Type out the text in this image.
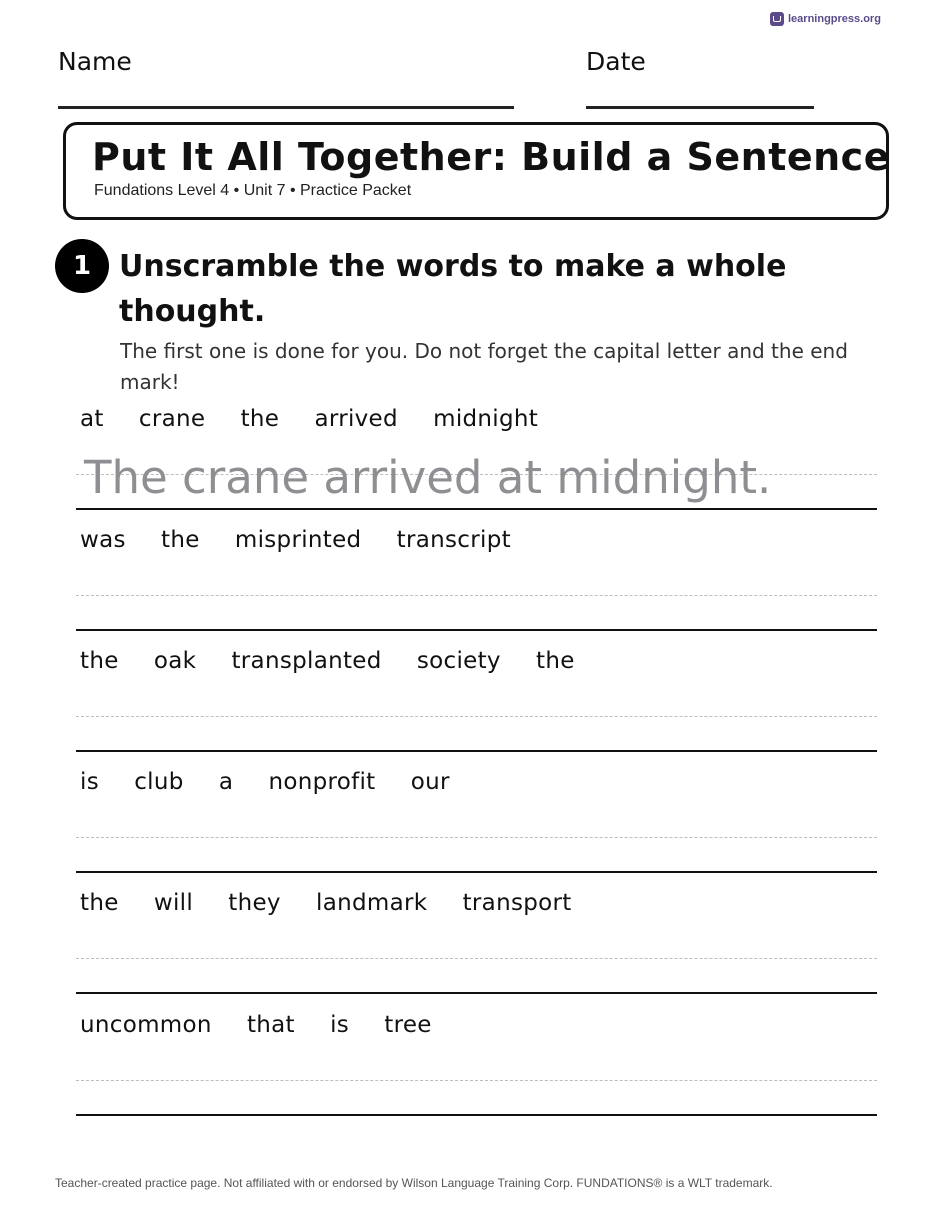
learningpress.org
Name	Date
Put It All Together: Build a Sentence
Fundations Level 4 • Unit 7 • Practice Packet
1 Unscramble the words to make a whole thought.

The first one is done for you. Do not forget the capital letter and the end mark!

at  crane  the  arrived  midnight
The crane arrived at midnight.
was  the  misprinted  transcript
the  oak  transplanted  society  the
is  club  a  nonprofit  our
the  will  they  landmark  transport
uncommon  that  is  tree
Teacher-created practice page. Not affiliated with or endorsed by Wilson Language Training Corp. FUNDATIONS® is a WLT trademark.
